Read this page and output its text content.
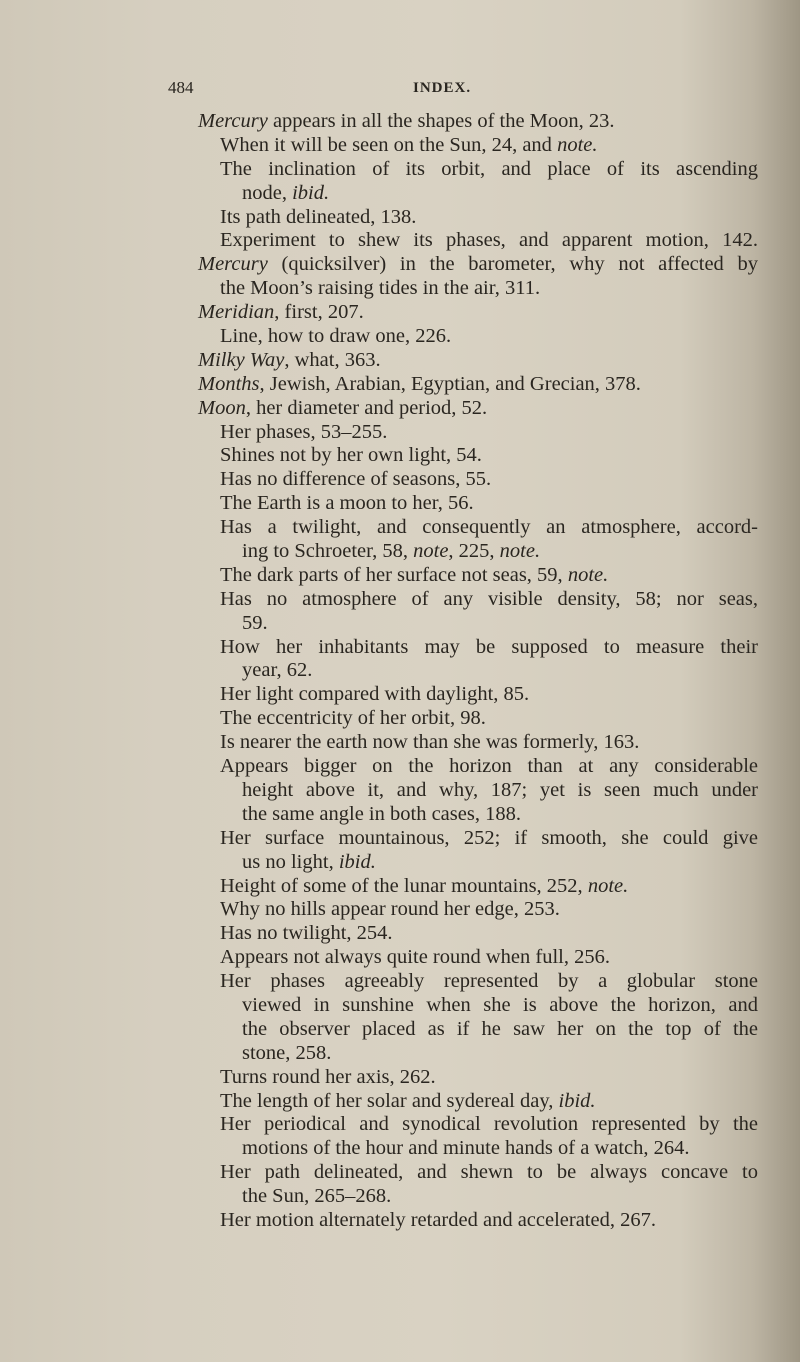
484	INDEX.
Mercury appears in all the shapes of the Moon, 23.
When it will be seen on the Sun, 24, and note.
The inclination of its orbit, and place of its ascending
node, ibid.
Its path delineated, 138.
Experiment to shew its phases, and apparent motion, 142.
Mercury (quicksilver) in the barometer, why not affected by
the Moon’s raising tides in the air, 311.
Meridian, first, 207.
Line, how to draw one, 226.
Milky Way, what, 363.
Months, Jewish, Arabian, Egyptian, and Grecian, 378.
Moon, her diameter and period, 52.
Her phases, 53–255.
Shines not by her own light, 54.
Has no difference of seasons, 55.
The Earth is a moon to her, 56.
Has a twilight, and consequently an atmosphere, accord-
ing to Schroeter, 58, note, 225, note.
The dark parts of her surface not seas, 59, note.
Has no atmosphere of any visible density, 58; nor seas,
59.
How her inhabitants may be supposed to measure their
year, 62.
Her light compared with daylight, 85.
The eccentricity of her orbit, 98.
Is nearer the earth now than she was formerly, 163.
Appears bigger on the horizon than at any considerable
height above it, and why, 187; yet is seen much under
the same angle in both cases, 188.
Her surface mountainous, 252; if smooth, she could give
us no light, ibid.
Height of some of the lunar mountains, 252, note.
Why no hills appear round her edge, 253.
Has no twilight, 254.
Appears not always quite round when full, 256.
Her phases agreeably represented by a globular stone
viewed in sunshine when she is above the horizon, and
the observer placed as if he saw her on the top of the
stone, 258.
Turns round her axis, 262.
The length of her solar and sydereal day, ibid.
Her periodical and synodical revolution represented by the
motions of the hour and minute hands of a watch, 264.
Her path delineated, and shewn to be always concave to
the Sun, 265–268.
Her motion alternately retarded and accelerated, 267.
